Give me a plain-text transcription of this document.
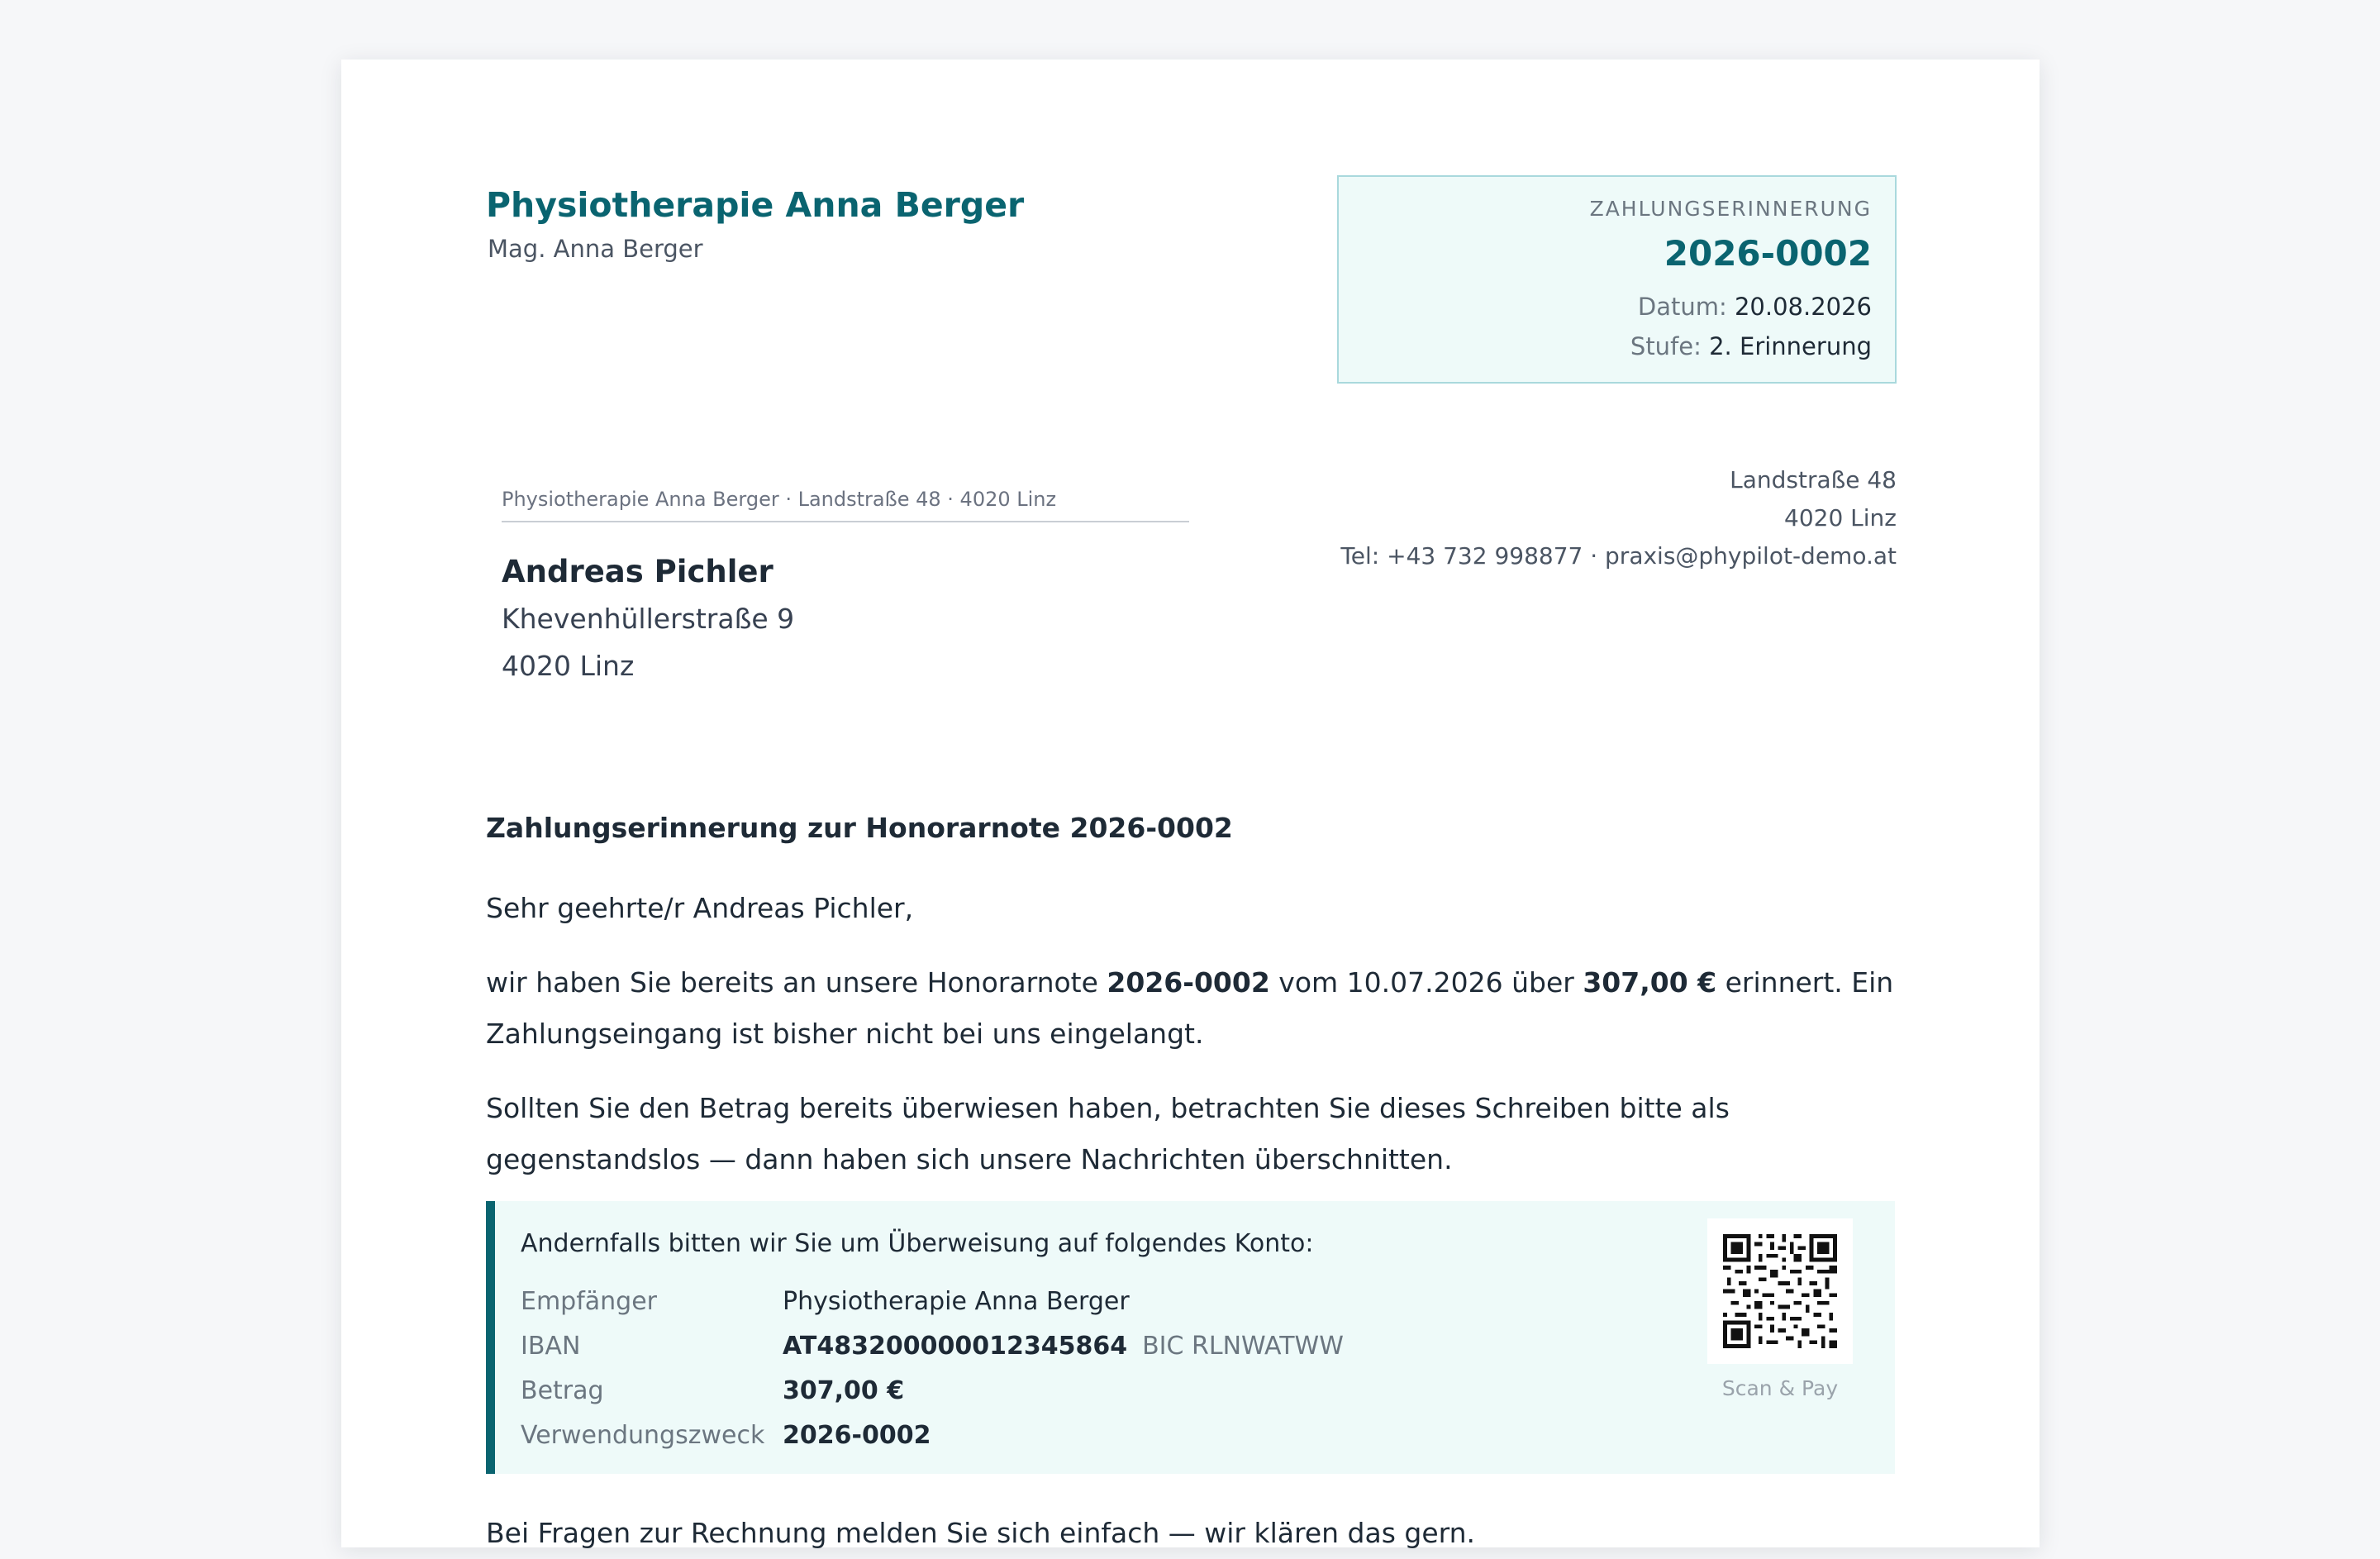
Physiotherapie Anna Berger
Mag. Anna Berger
ZAHLUNGSERINNERUNG
2026-0002
Datum: 20.08.2026
Stufe: 2. Erinnerung
Landstraße 48
4020 Linz
Tel: +43 732 998877 · praxis@phypilot-demo.at
Physiotherapie Anna Berger · Landstraße 48 · 4020 Linz
Andreas Pichler
Khevenhüllerstraße 9
4020 Linz
Zahlungserinnerung zur Honorarnote 2026-0002
Sehr geehrte/r Andreas Pichler,
wir haben Sie bereits an unsere Honorarnote 2026-0002 vom 10.07.2026 über 307,00 € erinnert. Ein Zahlungseingang ist bisher nicht bei uns eingelangt.
Sollten Sie den Betrag bereits überwiesen haben, betrachten Sie dieses Schreiben bitte als gegenstandslos — dann haben sich unsere Nachrichten überschnitten.
Andernfalls bitten wir Sie um Überweisung auf folgendes Konto:
Empfänger	Physiotherapie Anna Berger
IBAN	AT483200000012345864 BIC RLNWATWW
Betrag	307,00 €
Verwendungszweck 2026-0002
Scan & Pay
Bei Fragen zur Rechnung melden Sie sich einfach — wir klären das gern.
